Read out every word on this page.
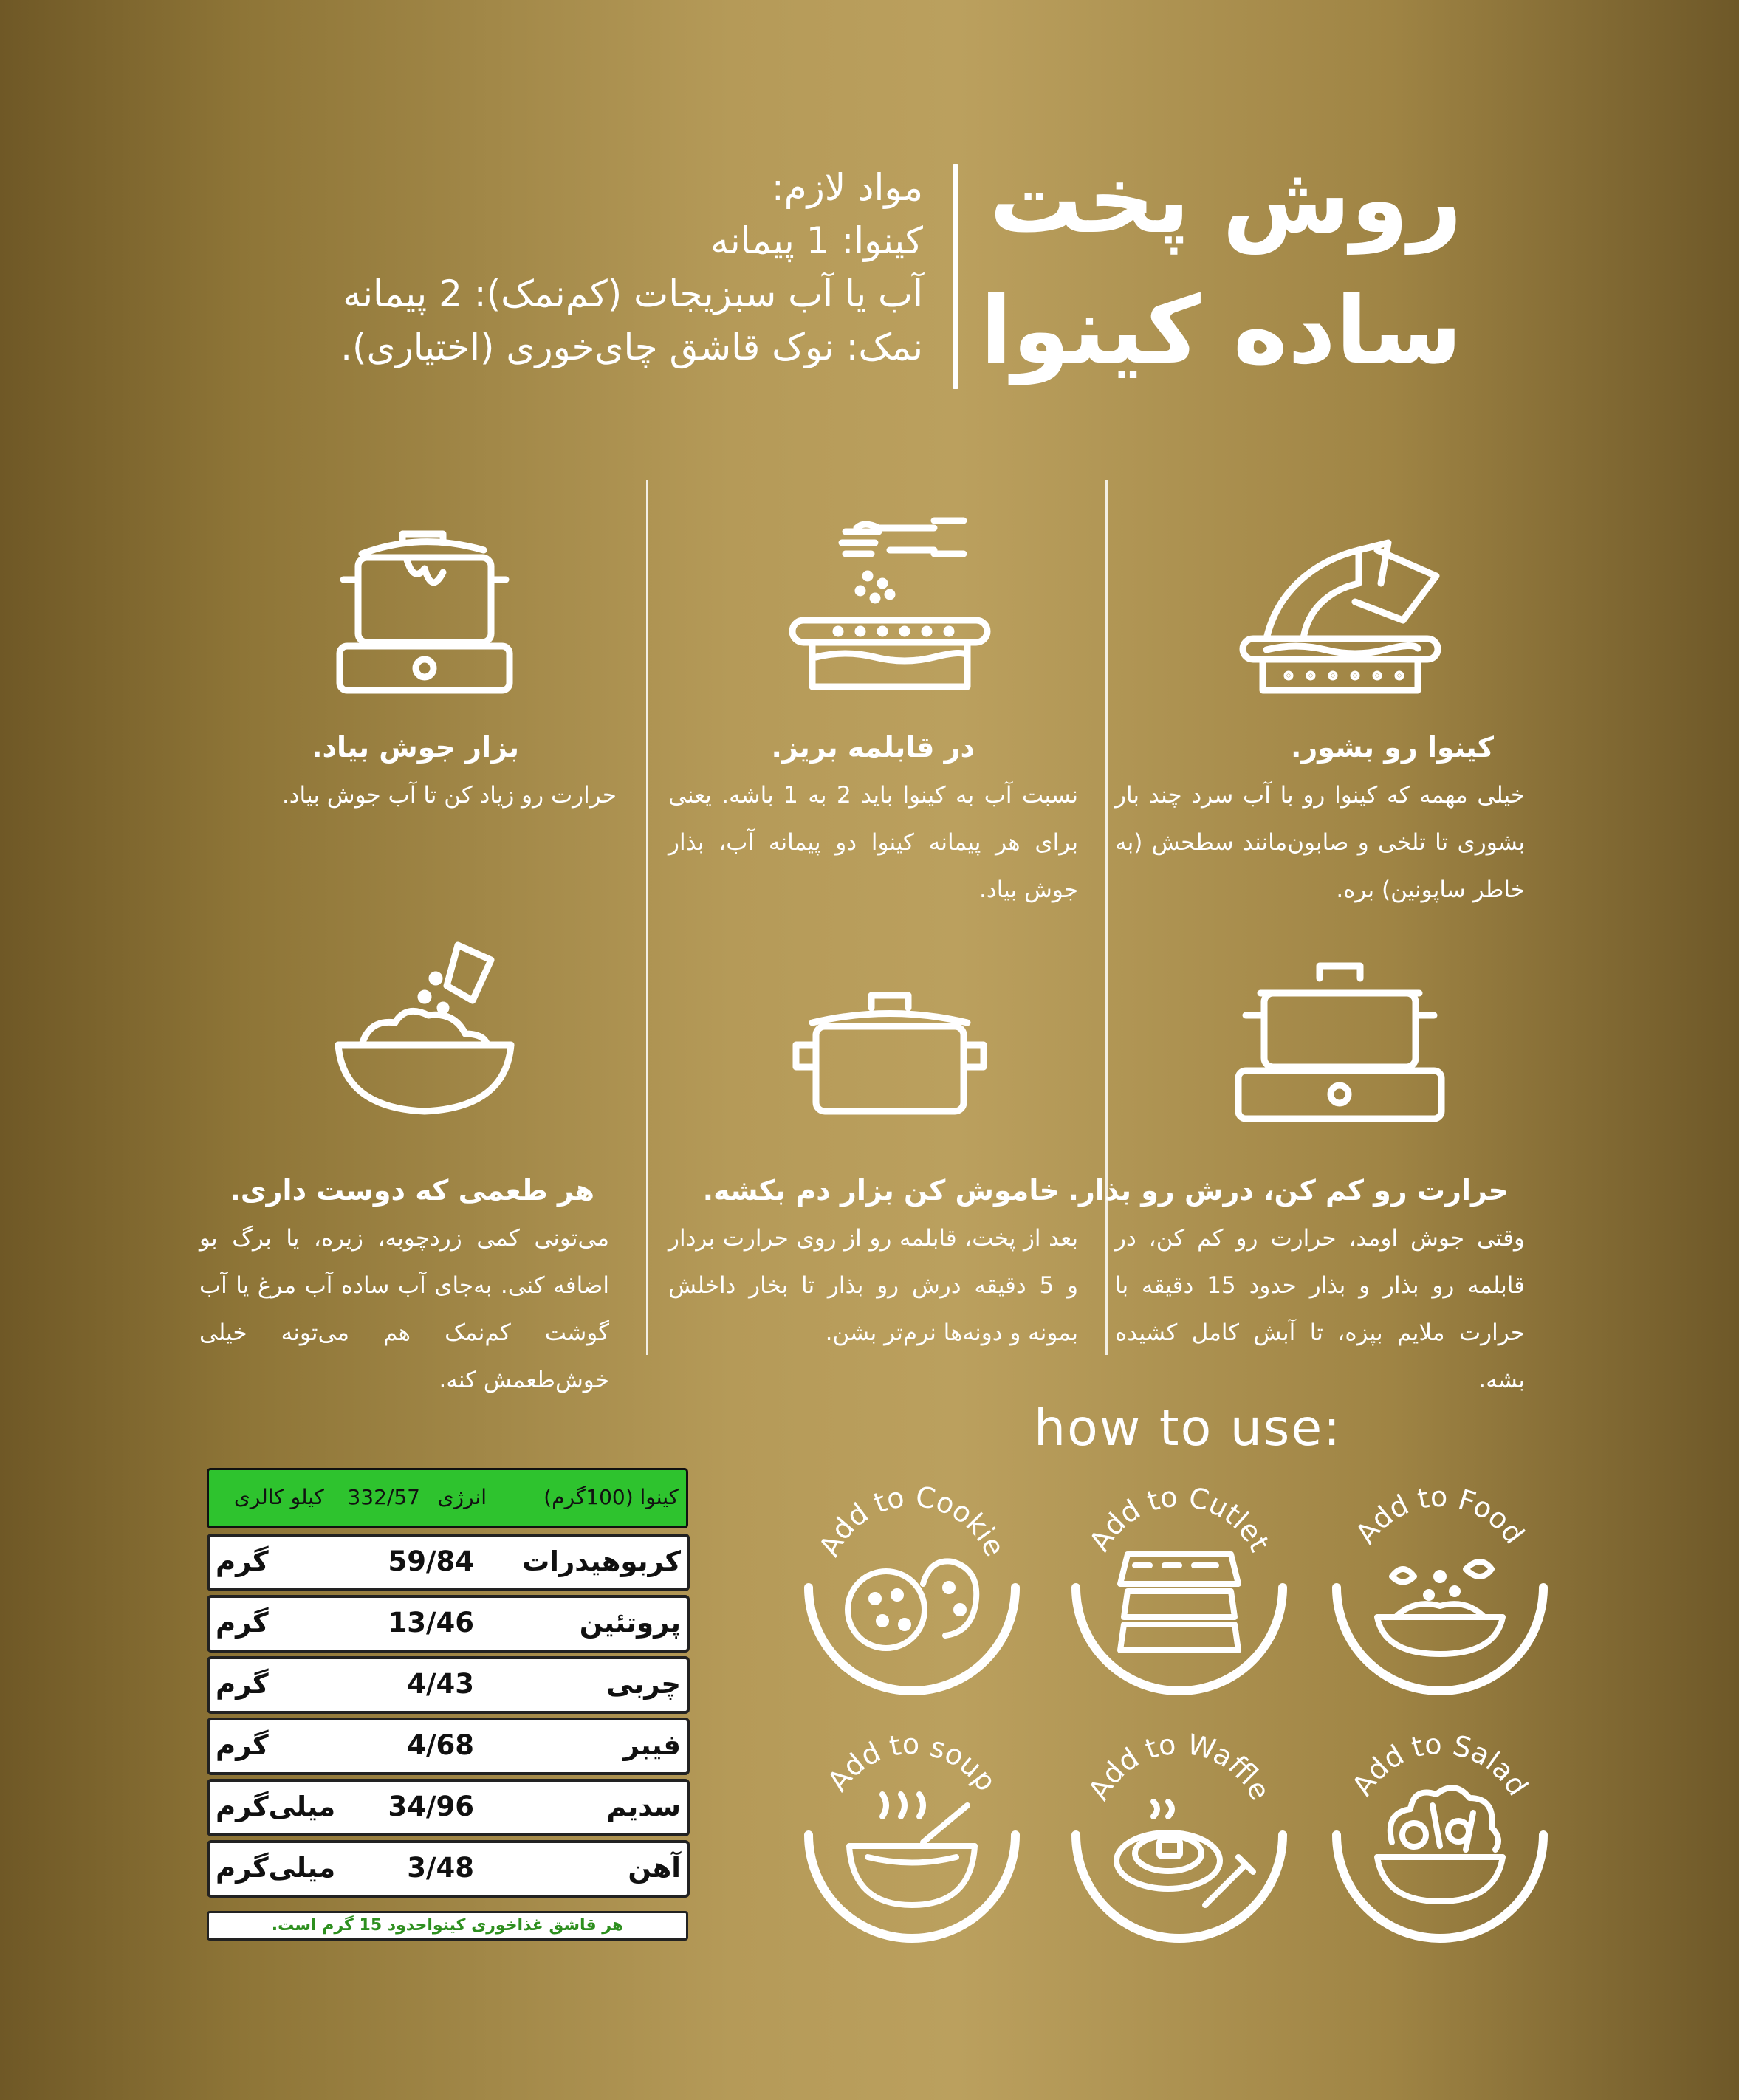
روش پخت
ساده کینوا
مواد لازم:
کینوا: 1 پیمانه
آب یا آب سبزیجات (کم‌نمک): 2 پیمانه
نمک: نوک قاشق چای‌خوری (اختیاری).
کینوا رو بشور.
خیلی مهمه که کینوا رو با آب سرد چند بار بشوری تا تلخی و صابون‌مانند سطحش (به خاطر ساپونین) بره.
در قابلمه بریز.
نسبت آب به کینوا باید 2 به 1 باشه. یعنی برای هر پیمانه کینوا دو پیمانه آب، بذار جوش بیاد.
بزار جوش بیاد.
حرارت رو زیاد کن تا آب جوش بیاد.
حرارت رو کم کن، درش رو بذار.
وقتی جوش اومد، حرارت رو کم کن، در قابلمه رو بذار و بذار حدود 15 دقیقه با حرارت ملایم بپزه، تا آبش کامل کشیده بشه.
خاموش کن بزار دم بکشه.
بعد از پخت، قابلمه رو از روی حرارت بردار و 5 دقیقه درش رو بذار تا بخار داخلش بمونه و دونه‌ها نرم‌تر بشن.
هر طعمی که دوست داری.
می‌تونی کمی زردچوبه، زیره، یا برگ بو اضافه کنی. به‌جای آب ساده آب مرغ یا آب گوشت کم‌نمک هم می‌تونه خیلی خوش‌طعمش کنه.
how to use:
Add to Food
Add to Cutlet
Add to Cookie
Add to Salad
Add to Waffle
Add to soup
کینوا (100گرم)
انرژی
332/57
کیلو کالری
کربوهیدرات
59/84
گرم
پروتئین
13/46
گرم
چربی
4/43
گرم
فیبر
4/68
گرم
سدیم
34/96
میلی‌گرم
آهن
3/48
میلی‌گرم
هر قاشق غذاخوری کینواحدود 15 گرم است.
